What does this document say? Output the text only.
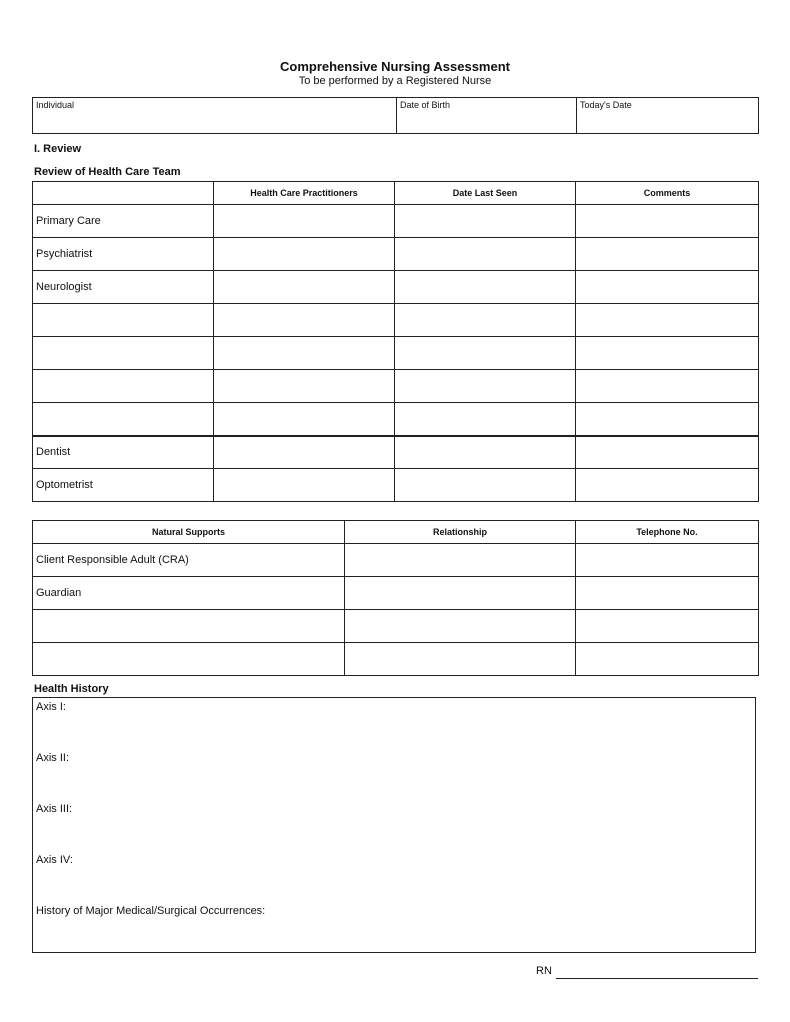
Comprehensive Nursing Assessment
To be performed by a Registered Nurse
Individual	Date of Birth	Today's Date
I. Review
Review of Health Care Team
	Health Care Practitioners	Date Last Seen	Comments
Primary Care			
Psychiatrist			
Neurologist			

Dentist			
Optometrist			
Natural Supports	Relationship	Telephone No.
Client Responsible Adult (CRA)		
Guardian		

Health History
Axis I:
Axis II:
Axis III:
Axis IV:
History of Major Medical/Surgical Occurrences:
RN
